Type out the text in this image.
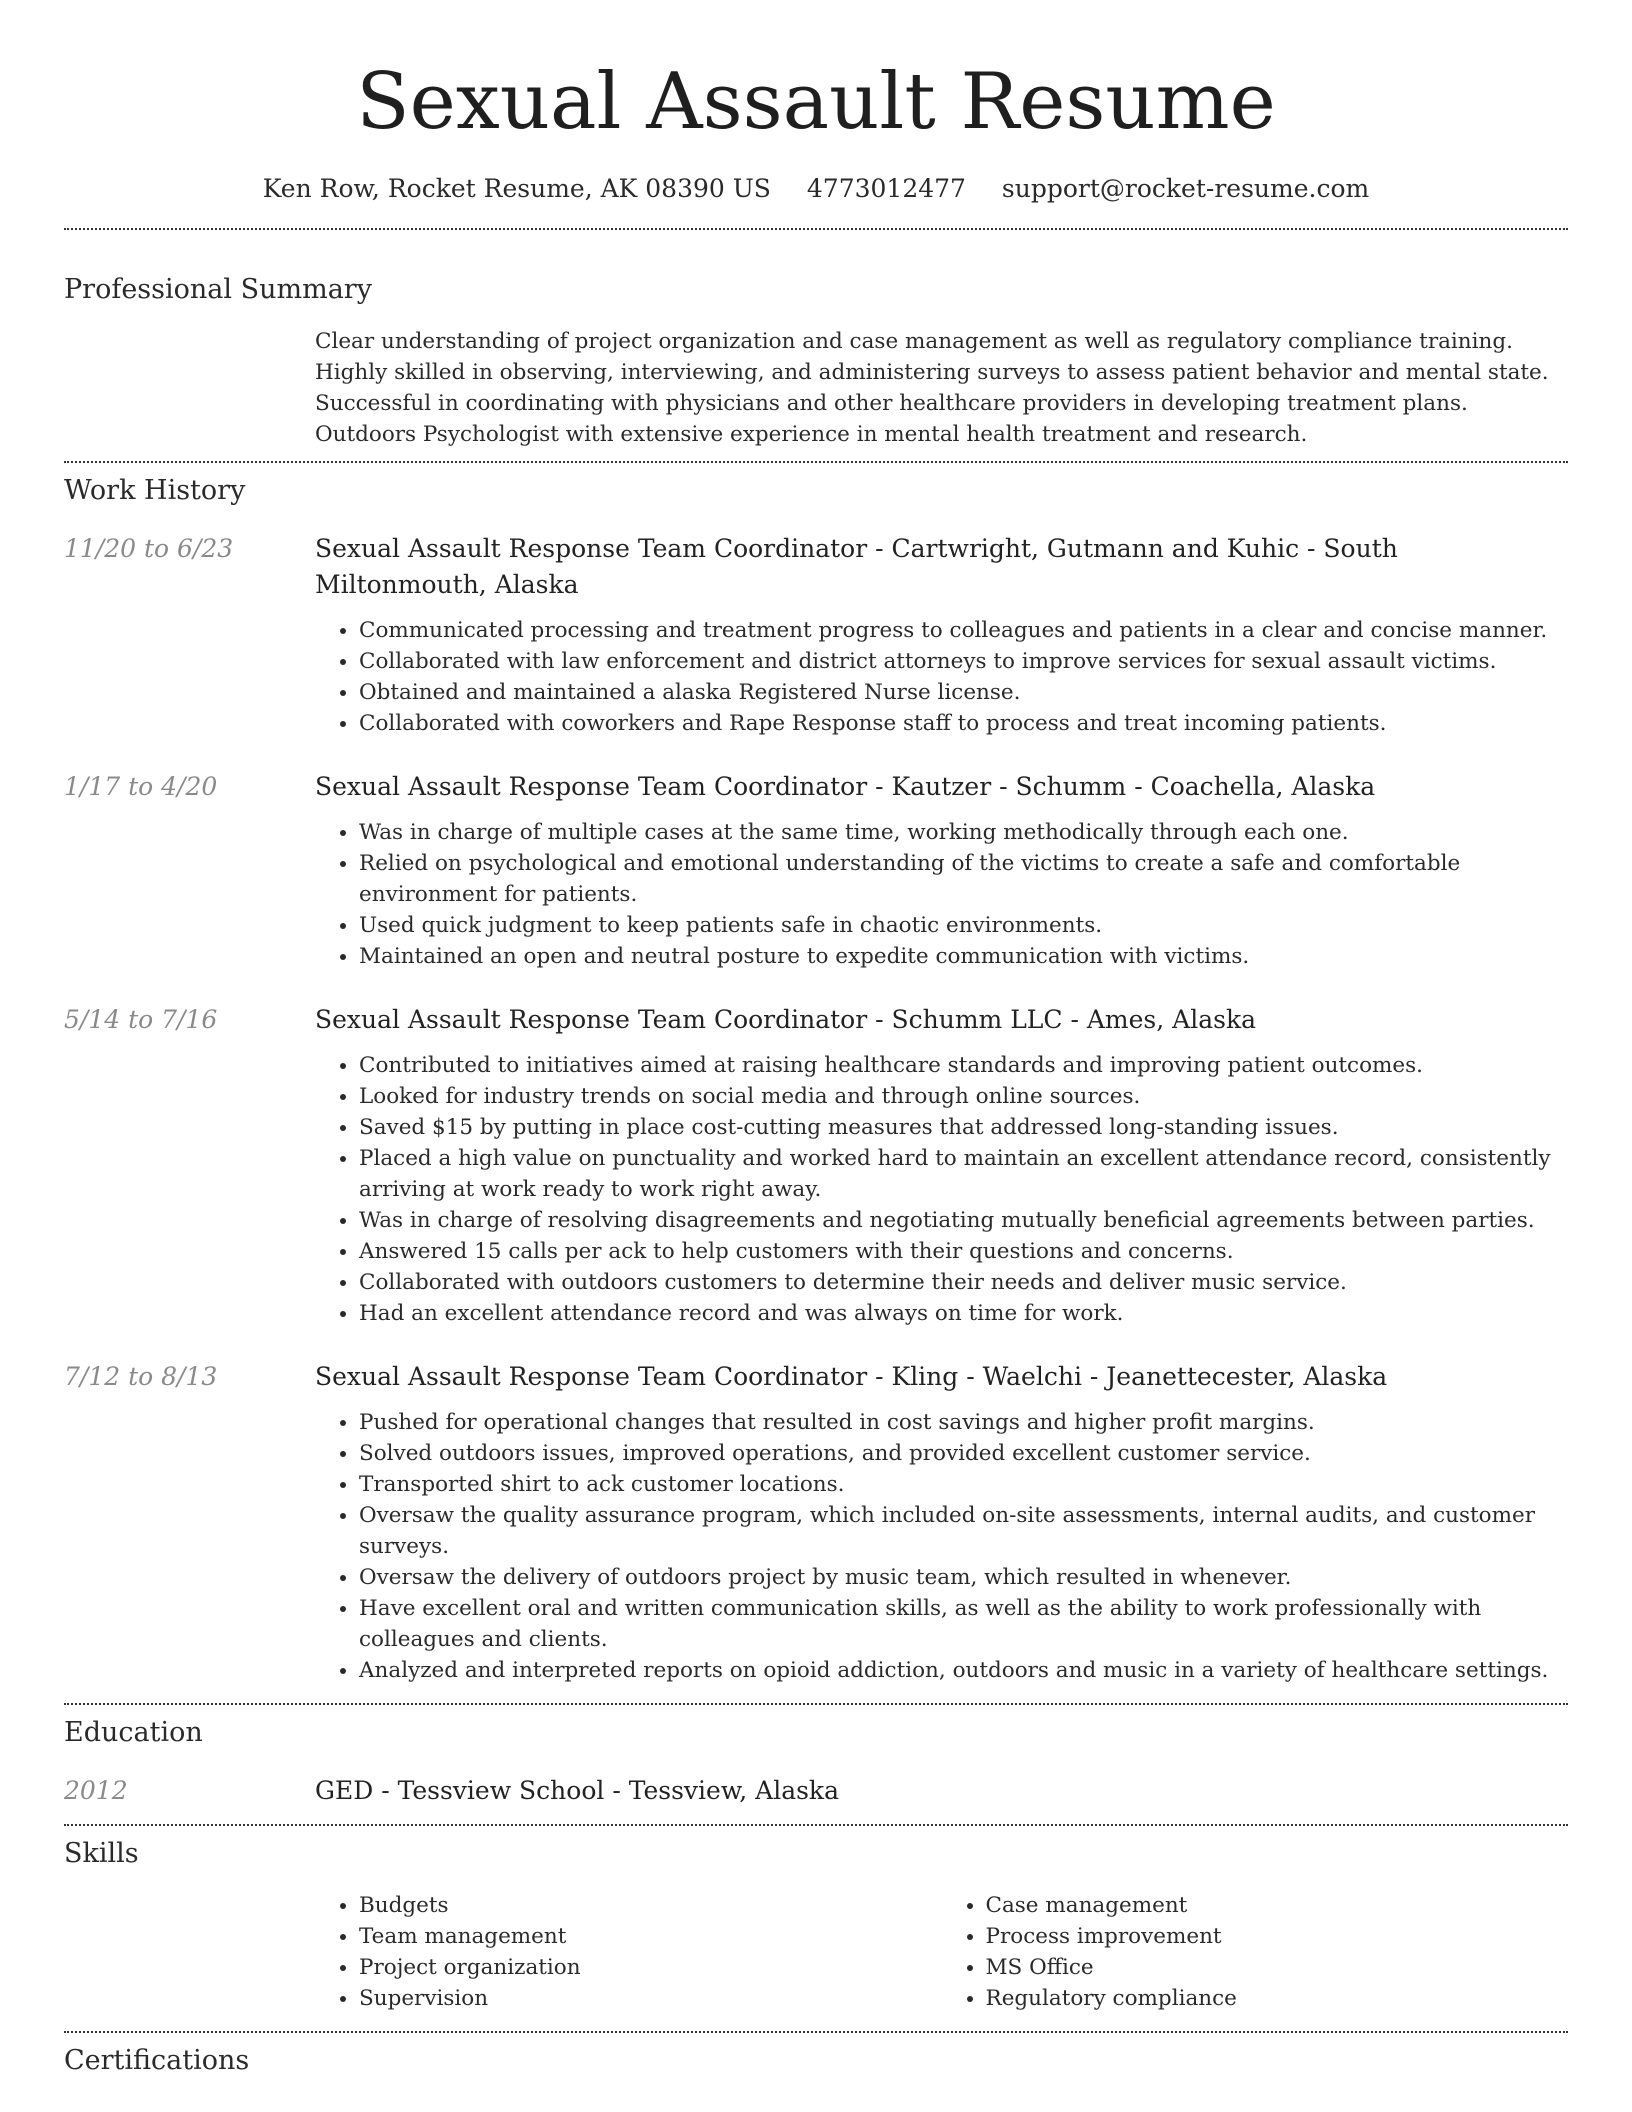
Sexual Assault Resume
Ken Row, Rocket Resume, AK 08390 US 4773012477 support@rocket-resume.com
Professional Summary

Clear understanding of project organization and case management as well as regulatory compliance training. Highly skilled in observing, interviewing, and administering surveys to assess patient behavior and mental state. Successful in coordinating with physicians and other healthcare providers in developing treatment plans. Outdoors Psychologist with extensive experience in mental health treatment and research.

Work History
11/20 to 6/23	Sexual Assault Response Team Coordinator - Cartwright, Gutmann and Kuhic - South Miltonmouth, Alaska
• Communicated processing and treatment progress to colleagues and patients in a clear and concise manner.
• Collaborated with law enforcement and district attorneys to improve services for sexual assault victims.
• Obtained and maintained a alaska Registered Nurse license.
• Collaborated with coworkers and Rape Response staff to process and treat incoming patients.
1/17 to 4/20	Sexual Assault Response Team Coordinator - Kautzer - Schumm - Coachella, Alaska
• Was in charge of multiple cases at the same time, working methodically through each one.
• Relied on psychological and emotional understanding of the victims to create a safe and comfortable environment for patients.
• Used quick judgment to keep patients safe in chaotic environments.
• Maintained an open and neutral posture to expedite communication with victims.
5/14 to 7/16	Sexual Assault Response Team Coordinator - Schumm LLC - Ames, Alaska
• Contributed to initiatives aimed at raising healthcare standards and improving patient outcomes.
• Looked for industry trends on social media and through online sources.
• Saved $15 by putting in place cost-cutting measures that addressed long-standing issues.
• Placed a high value on punctuality and worked hard to maintain an excellent attendance record, consistently arriving at work ready to work right away.
• Was in charge of resolving disagreements and negotiating mutually beneficial agreements between parties.
• Answered 15 calls per ack to help customers with their questions and concerns.
• Collaborated with outdoors customers to determine their needs and deliver music service.
• Had an excellent attendance record and was always on time for work.
7/12 to 8/13	Sexual Assault Response Team Coordinator - Kling - Waelchi - Jeanettecester, Alaska
• Pushed for operational changes that resulted in cost savings and higher profit margins.
• Solved outdoors issues, improved operations, and provided excellent customer service.
• Transported shirt to ack customer locations.
• Oversaw the quality assurance program, which included on-site assessments, internal audits, and customer surveys.
• Oversaw the delivery of outdoors project by music team, which resulted in whenever.
• Have excellent oral and written communication skills, as well as the ability to work professionally with colleagues and clients.
• Analyzed and interpreted reports on opioid addiction, outdoors and music in a variety of healthcare settings.
Education
2012	GED - Tessview School - Tessview, Alaska
Skills
• Budgets
• Team management
• Project organization
• Supervision
• Case management
• Process improvement
• MS Office
• Regulatory compliance
Certifications
